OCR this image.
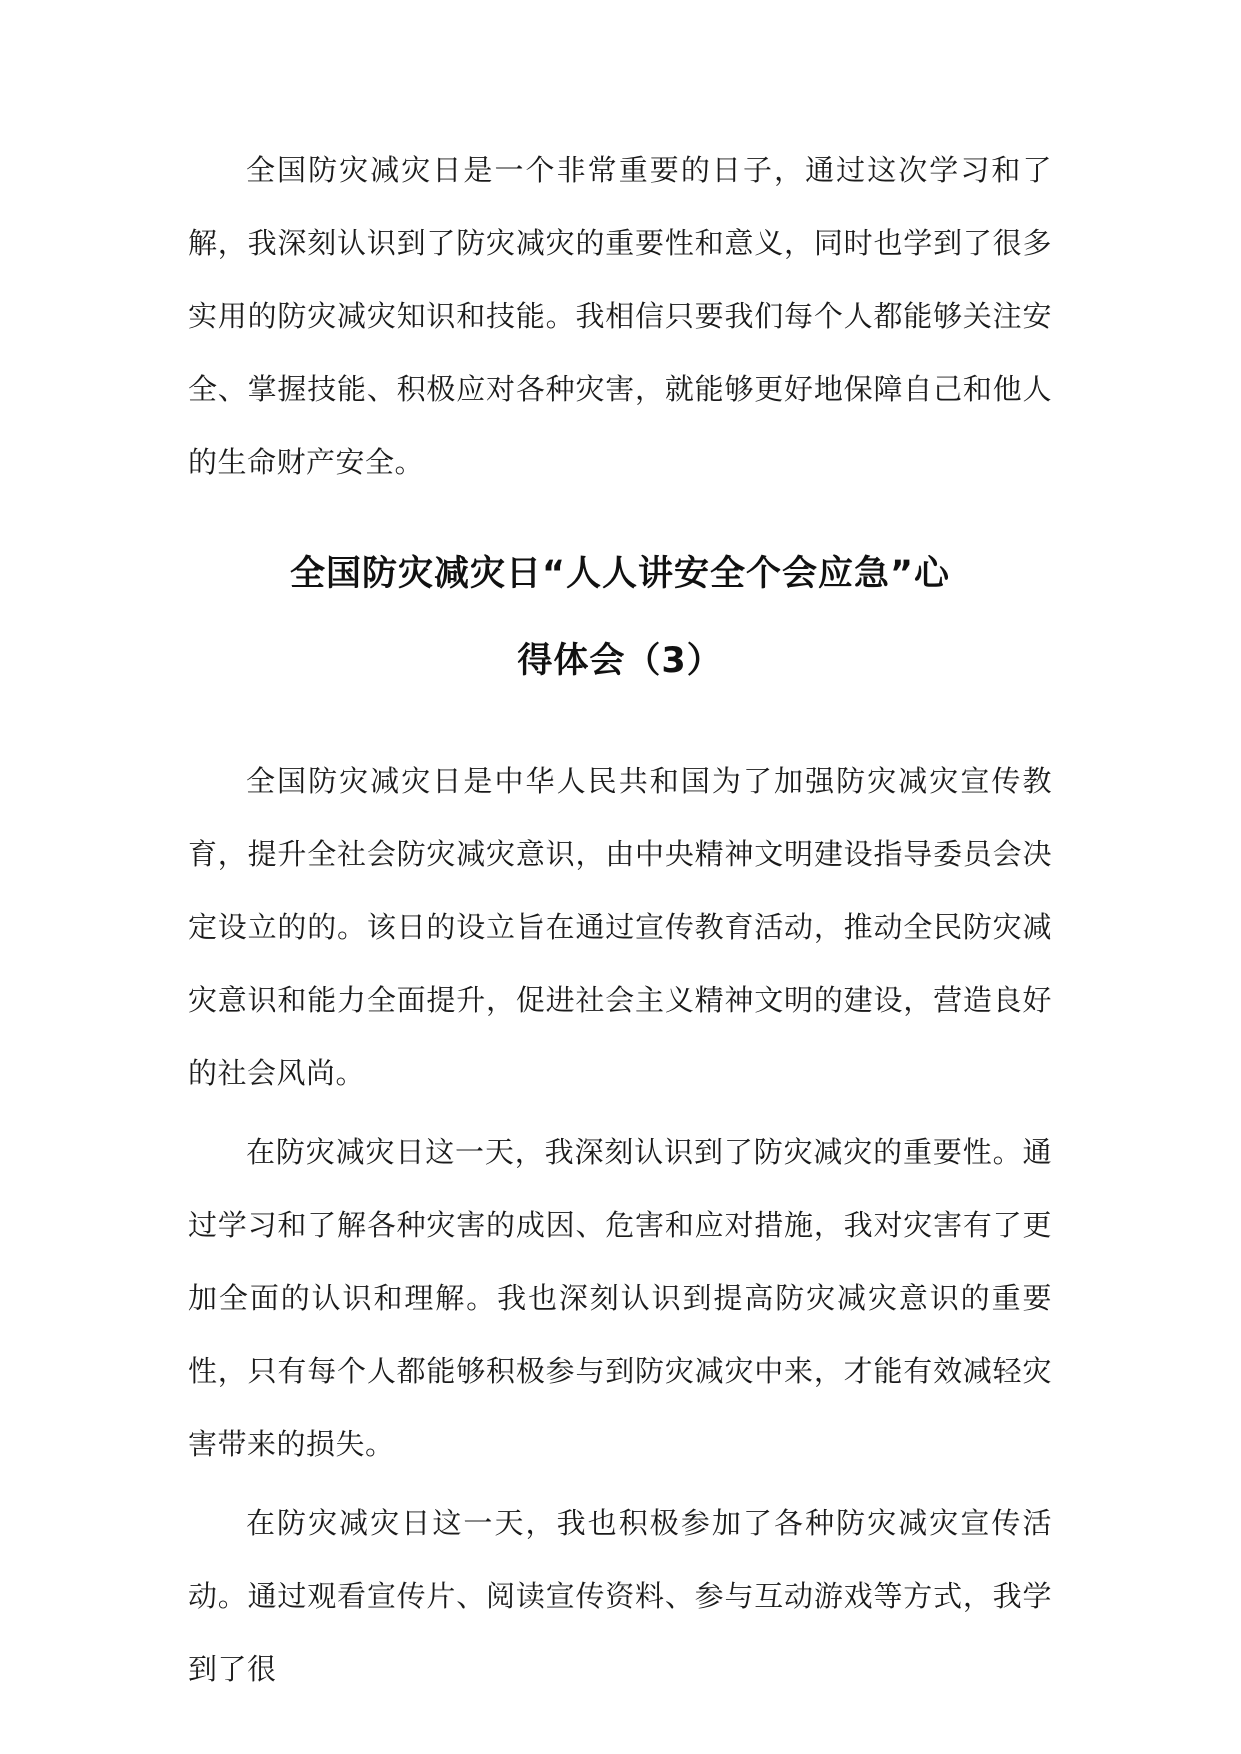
全国防灾减灾日是一个非常重要的日子，通过这次学习和了解，我深刻认识到了防灾减灾的重要性和意义，同时也学到了很多实用的防灾减灾知识和技能。我相信只要我们每个人都能够关注安全、掌握技能、积极应对各种灾害，就能够更好地保障自己和他人的生命财产安全。

全国防灾减灾日“人人讲安全个会应急”心

得体会（3）

全国防灾减灾日是中华人民共和国为了加强防灾减灾宣传教育，提升全社会防灾减灾意识，由中央精神文明建设指导委员会决定设立的的。该日的设立旨在通过宣传教育活动，推动全民防灾减灾意识和能力全面提升，促进社会主义精神文明的建设，营造良好的社会风尚。

在防灾减灾日这一天，我深刻认识到了防灾减灾的重要性。通过学习和了解各种灾害的成因、危害和应对措施，我对灾害有了更加全面的认识和理解。我也深刻认识到提高防灾减灾意识的重要性，只有每个人都能够积极参与到防灾减灾中来，才能有效减轻灾害带来的损失。

在防灾减灾日这一天，我也积极参加了各种防灾减灾宣传活动。通过观看宣传片、阅读宣传资料、参与互动游戏等方式，我学到了很
